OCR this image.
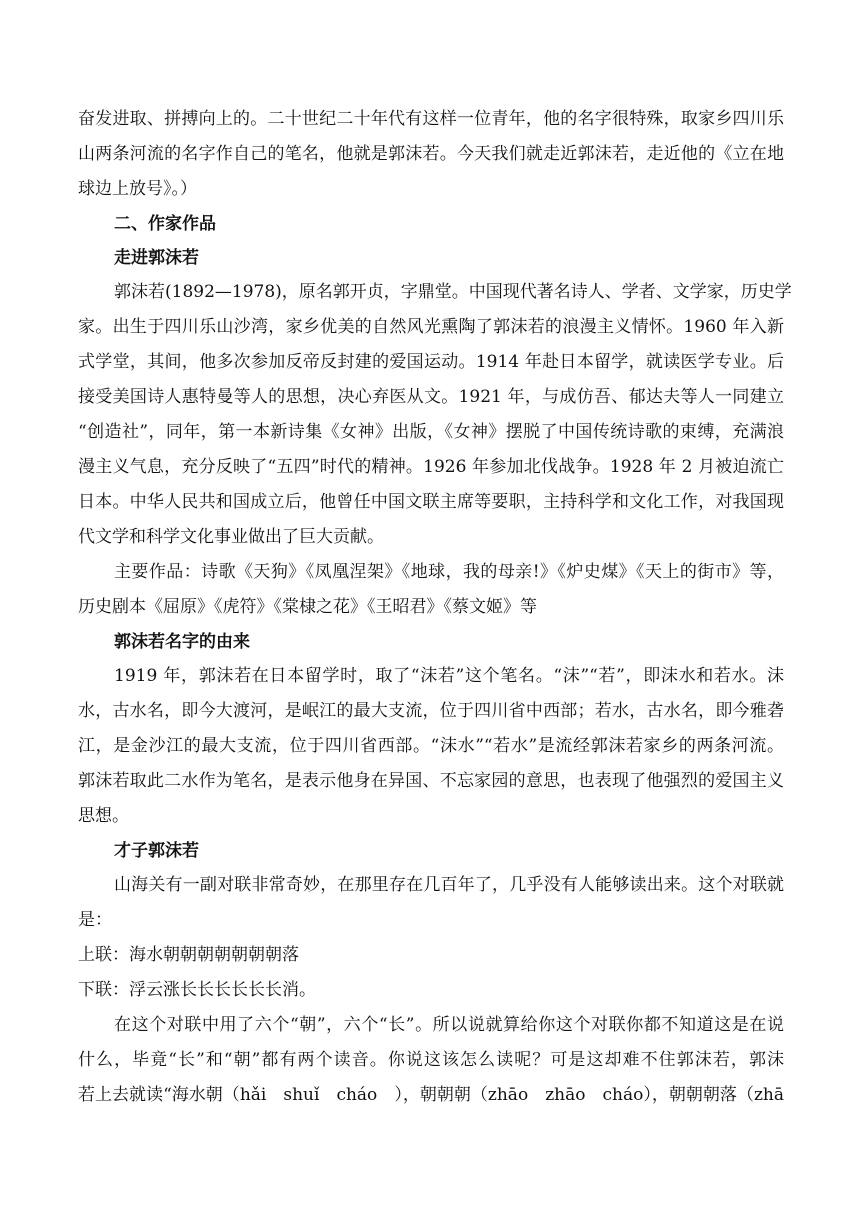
奋发进取、拼搏向上的。二十世纪二十年代有这样一位青年，他的名字很特殊，取家乡四川乐
山两条河流的名字作自己的笔名，他就是郭沫若。今天我们就走近郭沫若，走近他的《立在地
球边上放号》。）
二、作家作品
走进郭沫若
郭沫若(1892—1978)，原名郭开贞，字鼎堂。中国现代著名诗人、学者、文学家，历史学
家。出生于四川乐山沙湾，家乡优美的自然风光熏陶了郭沫若的浪漫主义情怀。1960 年入新
式学堂，其间，他多次参加反帝反封建的爱国运动。1914 年赴日本留学，就读医学专业。后
接受美国诗人惠特曼等人的思想，决心弃医从文。1921 年，与成仿吾、郁达夫等人一同建立
“创造社”，同年，第一本新诗集《女神》出版，《女神》摆脱了中国传统诗歌的束缚，充满浪
漫主义气息，充分反映了“五四”时代的精神。1926 年参加北伐战争。1928 年 2 月被迫流亡
日本。中华人民共和国成立后，他曾任中国文联主席等要职，主持科学和文化工作，对我国现
代文学和科学文化事业做出了巨大贡献。
主要作品：诗歌《天狗》《凤凰涅架》《地球，我的母亲!》《炉史煤》《天上的街市》等，
历史剧本《屈原》《虎符》《棠棣之花》《王昭君》《蔡文姬》等
郭沫若名字的由来
1919 年，郭沫若在日本留学时，取了“沫若”这个笔名。“沫”“若”，即沫水和若水。沫
水，古水名，即今大渡河，是岷江的最大支流，位于四川省中西部；若水，古水名，即今雅砻
江，是金沙江的最大支流，位于四川省西部。“沫水”“若水”是流经郭沫若家乡的两条河流。
郭沫若取此二水作为笔名，是表示他身在异国、不忘家园的意思，也表现了他强烈的爱国主义
思想。
才子郭沫若
山海关有一副对联非常奇妙，在那里存在几百年了，几乎没有人能够读出来。这个对联就
是：
上联：海水朝朝朝朝朝朝朝落
下联：浮云涨长长长长长长消。
在这个对联中用了六个“朝”，六个“长”。所以说就算给你这个对联你都不知道这是在说
什么，毕竟“长”和“朝”都有两个读音。你说这该怎么读呢？可是这却难不住郭沫若，郭沫
若上去就读“海水朝（hǎi　shuǐ　cháo　），朝朝朝（zhāo　zhāo　cháo），朝朝朝落（zhā
